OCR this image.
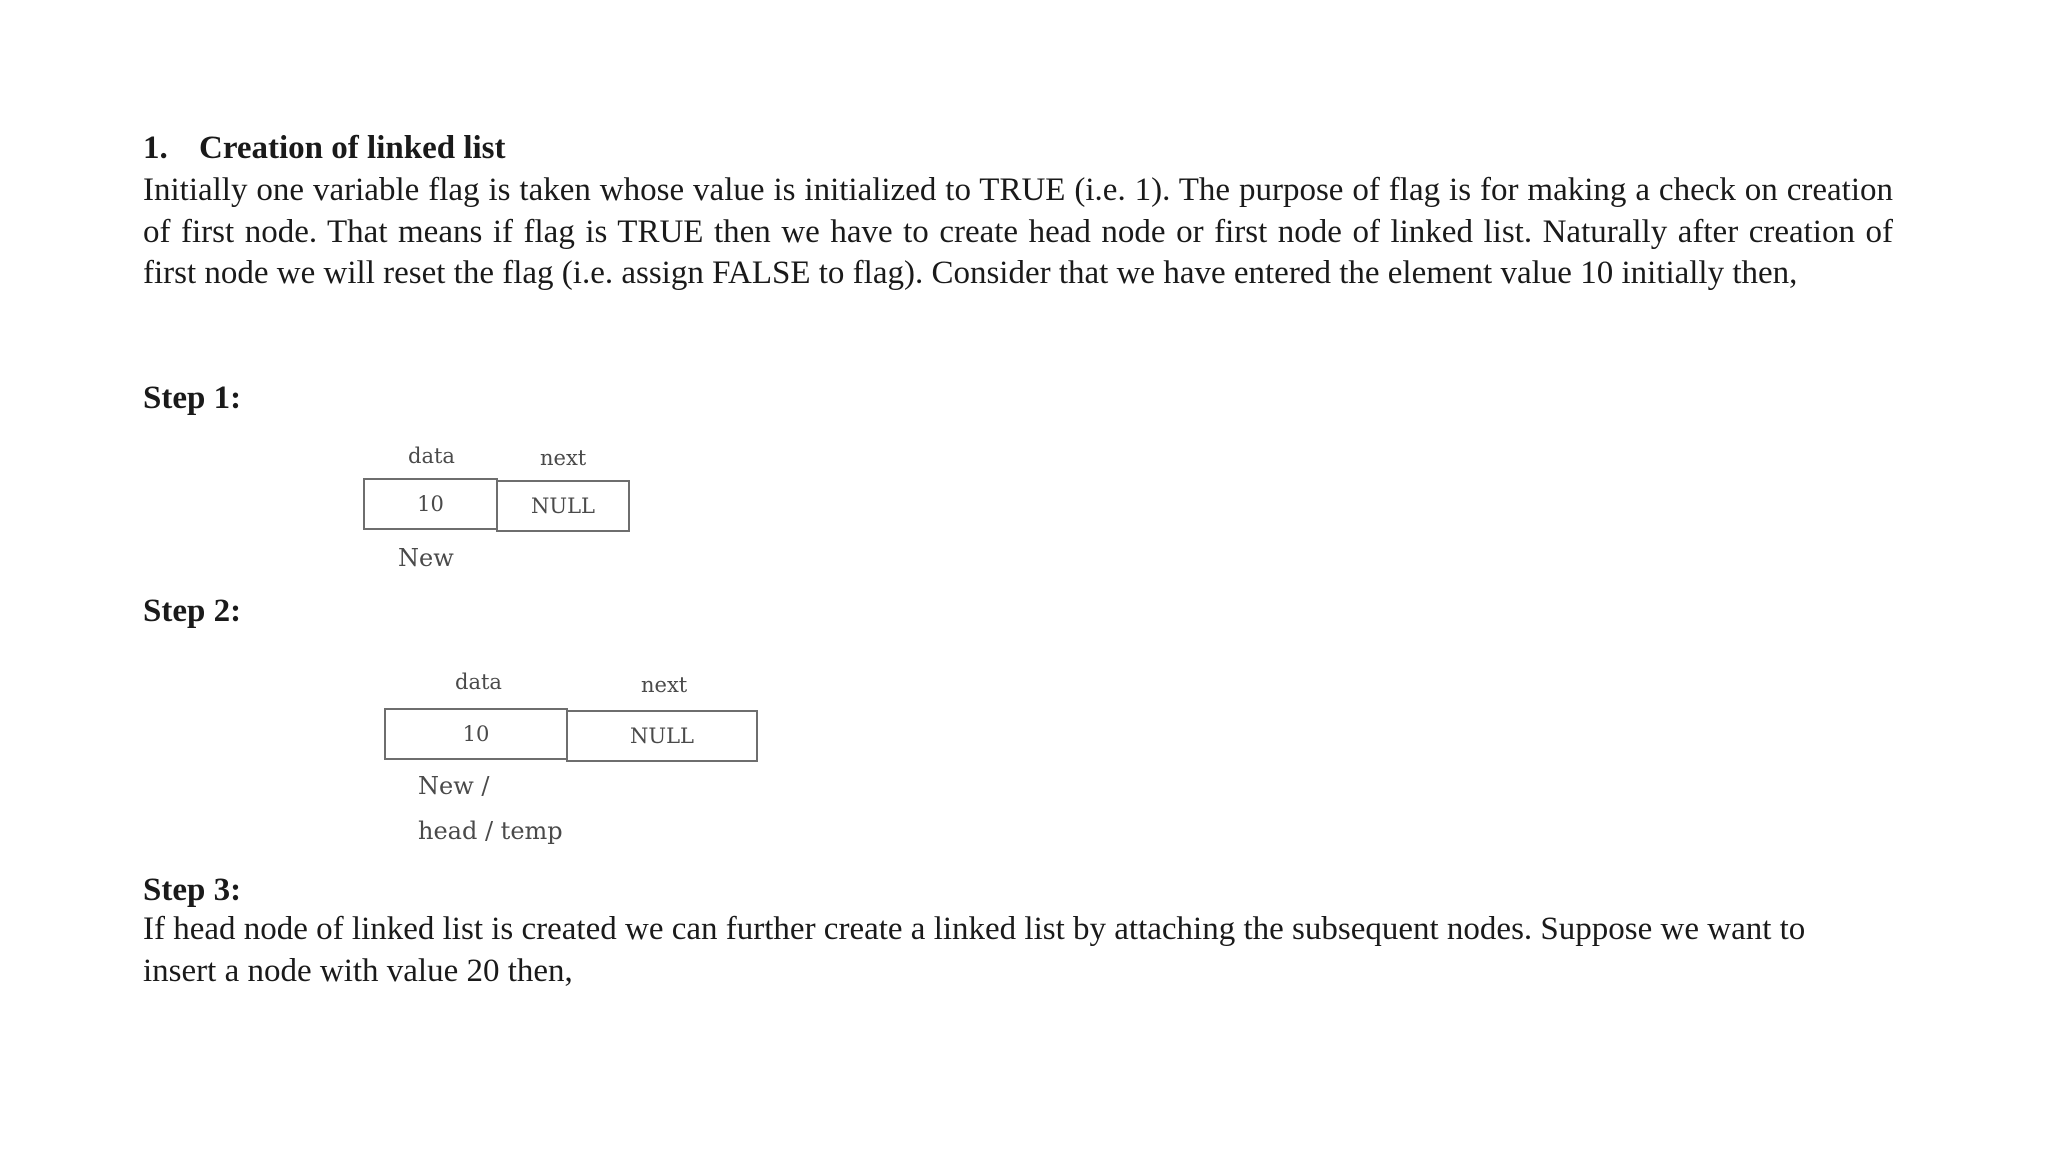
1. Creation of linked list
Initially one variable flag is taken whose value is initialized to TRUE (i.e. 1). The purpose of flag is for making a check on creation of first node. That means if flag is TRUE then we have to create head node or first node of linked list. Naturally after creation of first node we will reset the flag (i.e. assign FALSE to flag). Consider that we have entered the element value 10 initially then,
Step 1:
data	next
10	NULL
New
Step 2:
data	next
10	NULL
New /
head / temp
Step 3:
If head node of linked list is created we can further create a linked list by attaching the subsequent nodes. Suppose we want to insert a node with value 20 then,
